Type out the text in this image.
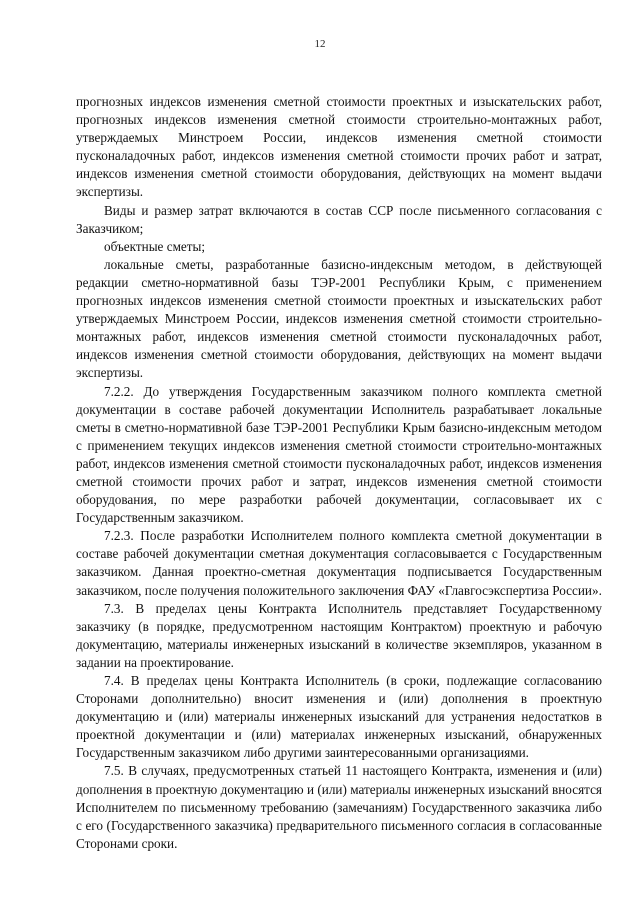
12

прогнозных индексов изменения сметной стоимости проектных и изыскательских работ, прогнозных индексов изменения сметной стоимости строительно-монтажных работ, утверждаемых Минстроем России, индексов изменения сметной стоимости пусконаладочных работ, индексов изменения сметной стоимости прочих работ и затрат, индексов изменения сметной стоимости оборудования, действующих на момент выдачи экспертизы.

Виды и размер затрат включаются в состав ССР после письменного согласования с Заказчиком;

объектные сметы;

локальные сметы, разработанные базисно-индексным методом, в действующей редакции сметно-нормативной базы ТЭР-2001 Республики Крым, с применением прогнозных индексов изменения сметной стоимости проектных и изыскательских работ утверждаемых Минстроем России, индексов изменения сметной стоимости строительно-монтажных работ, индексов изменения сметной стоимости пусконаладочных работ, индексов изменения сметной стоимости оборудования, действующих на момент выдачи экспертизы.

7.2.2. До утверждения Государственным заказчиком полного комплекта сметной документации в составе рабочей документации Исполнитель разрабатывает локальные сметы в сметно-нормативной базе ТЭР-2001 Республики Крым базисно-индексным методом с применением текущих индексов изменения сметной стоимости строительно-монтажных работ, индексов изменения сметной стоимости пусконаладочных работ, индексов изменения сметной стоимости прочих работ и затрат, индексов изменения сметной стоимости оборудования, по мере разработки рабочей документации, согласовывает их с Государственным заказчиком.

7.2.3. После разработки Исполнителем полного комплекта сметной документации в составе рабочей документации сметная документация согласовывается с Государственным заказчиком. Данная проектно-сметная документация подписывается Государственным заказчиком, после получения положительного заключения ФАУ «Главгосэкспертиза России».

7.3. В пределах цены Контракта Исполнитель представляет Государственному заказчику (в порядке, предусмотренном настоящим Контрактом) проектную и рабочую документацию, материалы инженерных изысканий в количестве экземпляров, указанном в задании на проектирование.

7.4. В пределах цены Контракта Исполнитель (в сроки, подлежащие согласованию Сторонами дополнительно) вносит изменения и (или) дополнения в проектную документацию и (или) материалы инженерных изысканий для устранения недостатков в проектной документации и (или) материалах инженерных изысканий, обнаруженных Государственным заказчиком либо другими заинтересованными организациями.

7.5. В случаях, предусмотренных статьей 11 настоящего Контракта, изменения и (или) дополнения в проектную документацию и (или) материалы инженерных изысканий вносятся Исполнителем по письменному требованию (замечаниям) Государственного заказчика либо с его (Государственного заказчика) предварительного письменного согласия в согласованные Сторонами сроки.
